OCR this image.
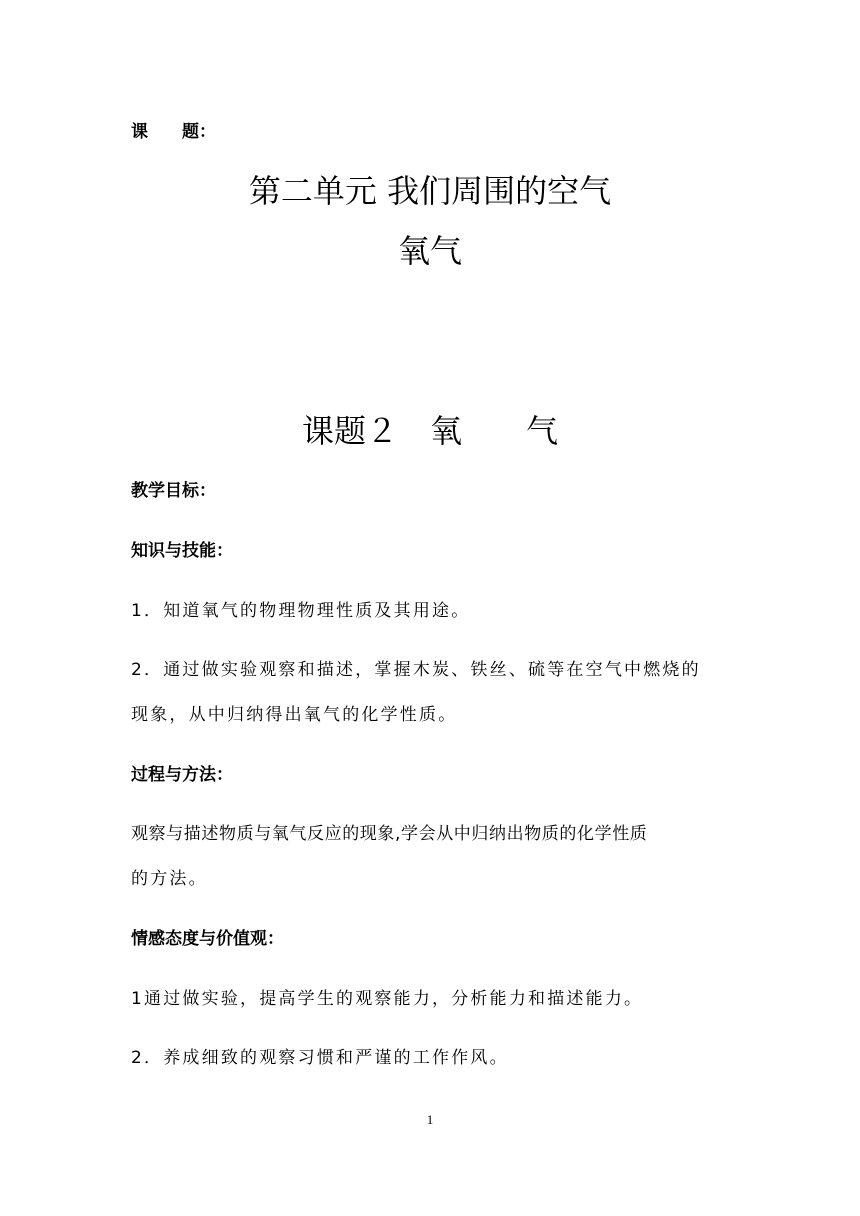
课　　题：
第二单元 我们周围的空气
氧气
课题２　氧　　气
教学目标：
知识与技能：
1．知道氧气的物理物理性质及其用途。
2．通过做实验观察和描述，掌握木炭、铁丝、硫等在空气中燃烧的
现象，从中归纳得出氧气的化学性质。
过程与方法：
观察与描述物质与氧气反应的现象,学会从中归纳出物质的化学性质
的方法。
情感态度与价值观：
1通过做实验，提高学生的观察能力，分析能力和描述能力。
2．养成细致的观察习惯和严谨的工作作风。
1
